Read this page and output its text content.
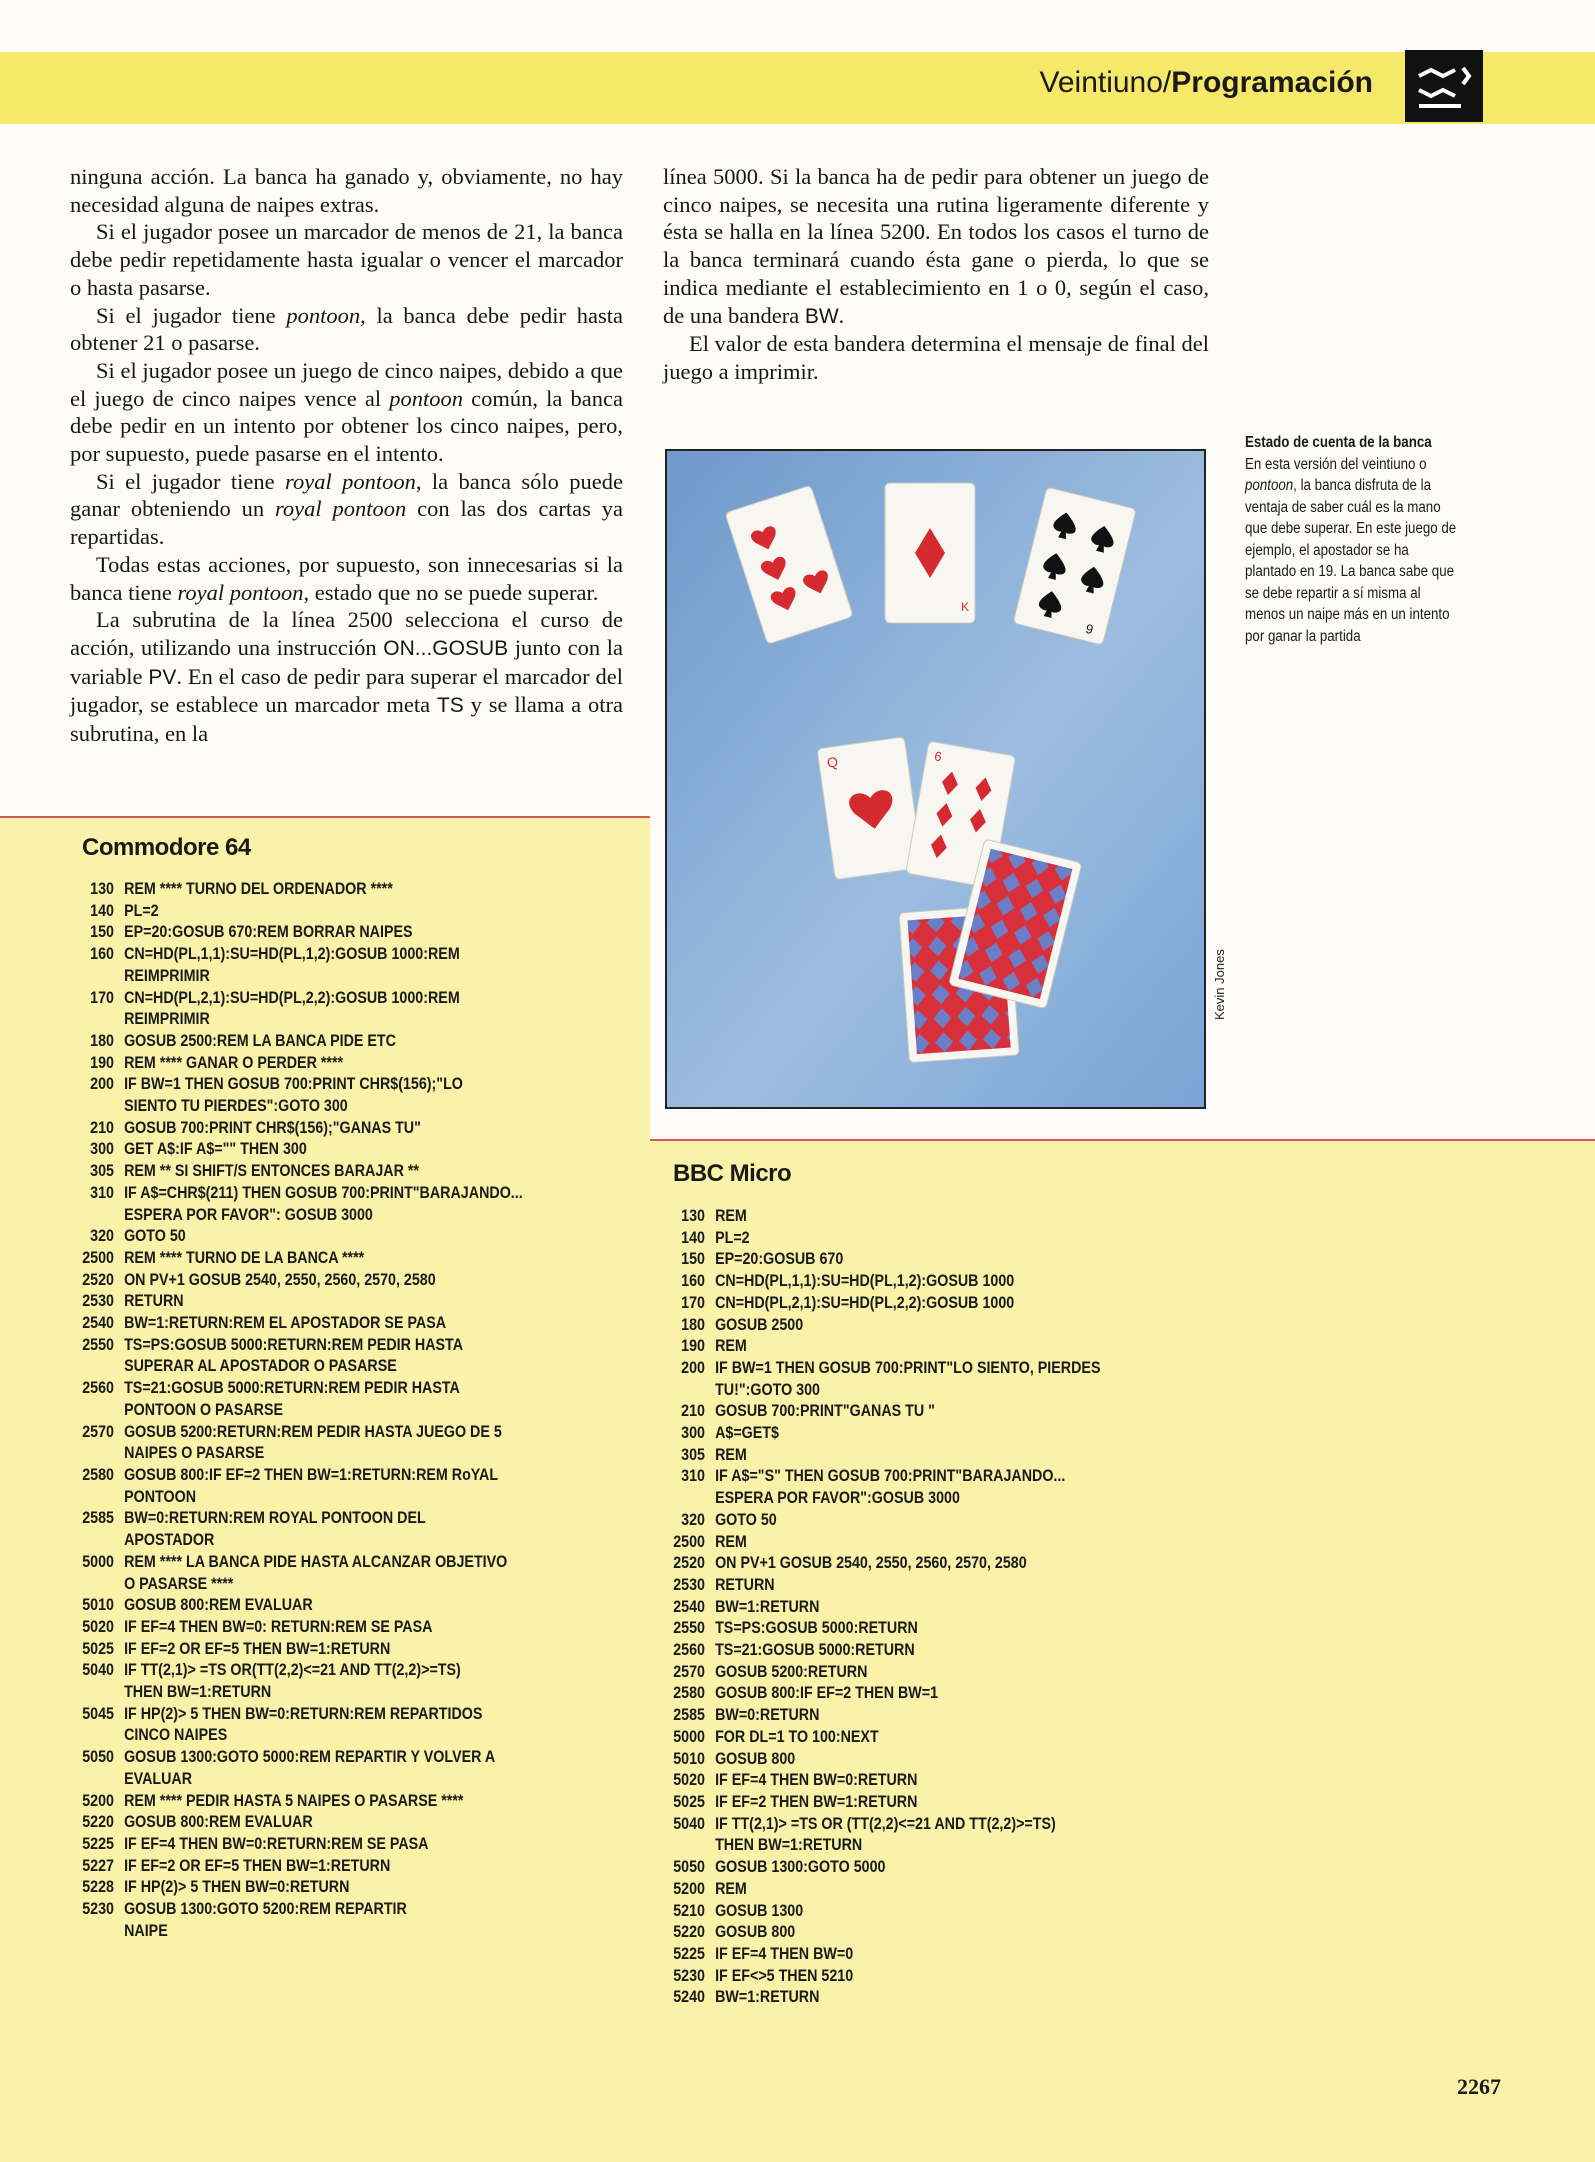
Veintiuno/Programación

ninguna acción. La banca ha ganado y, obviamente, no hay necesidad alguna de naipes extras.

Si el jugador posee un marcador de menos de 21, la banca debe pedir repetidamente hasta igualar o vencer el marcador o hasta pasarse.

Si el jugador tiene pontoon, la banca debe pedir hasta obtener 21 o pasarse.

Si el jugador posee un juego de cinco naipes, debido a que el juego de cinco naipes vence al pontoon común, la banca debe pedir en un intento por obtener los cinco naipes, pero, por supuesto, puede pasarse en el intento.

Si el jugador tiene royal pontoon, la banca sólo puede ganar obteniendo un royal pontoon con las dos cartas ya repartidas.

Todas estas acciones, por supuesto, son innecesarias si la banca tiene royal pontoon, estado que no se puede superar.

La subrutina de la línea 2500 selecciona el curso de acción, utilizando una instrucción ON...GOSUB junto con la variable PV. En el caso de pedir para superar el marcador del jugador, se establece un marcador meta TS y se llama a otra subrutina, en la

línea 5000. Si la banca ha de pedir para obtener un juego de cinco naipes, se necesita una rutina ligeramente diferente y ésta se halla en la línea 5200. En todos los casos el turno de la banca terminará cuando ésta gane o pierda, lo que se indica mediante el establecimiento en 1 o 0, según el caso, de una bandera BW.

El valor de esta bandera determina el mensaje de final del juego a imprimir.

Estado de cuenta de la banca
En esta versión del veintiuno o pontoon, la banca disfruta de la ventaja de saber cuál es la mano que debe superar. En este juego de ejemplo, el apostador se ha plantado en 19. La banca sabe que se debe repartir a sí misma al menos un naipe más en un intento por ganar la partida
K
9
Q	6
Kevin Jones
Commodore 64
130 REM **** TURNO DEL ORDENADOR ****
140 PL=2
150 EP=20:GOSUB 670:REM BORRAR NAIPES
160 CN=HD(PL,1,1):SU=HD(PL,1,2):GOSUB 1000:REM
REIMPRIMIR
170 CN=HD(PL,2,1):SU=HD(PL,2,2):GOSUB 1000:REM
REIMPRIMIR
180 GOSUB 2500:REM LA BANCA PIDE ETC
190 REM **** GANAR O PERDER ****
200 IF BW=1 THEN GOSUB 700:PRINT CHR$(156);"LO
SIENTO TU PIERDES":GOTO 300
210 GOSUB 700:PRINT CHR$(156);"GANAS TU"
300 GET A$:IF A$="" THEN 300
305 REM ** SI SHIFT/S ENTONCES BARAJAR **
310 IF A$=CHR$(211) THEN GOSUB 700:PRINT"BARAJANDO...
ESPERA POR FAVOR": GOSUB 3000
320 GOTO 50
2500 REM **** TURNO DE LA BANCA ****
2520 ON PV+1 GOSUB 2540, 2550, 2560, 2570, 2580
2530 RETURN
2540 BW=1:RETURN:REM EL APOSTADOR SE PASA
2550 TS=PS:GOSUB 5000:RETURN:REM PEDIR HASTA
SUPERAR AL APOSTADOR O PASARSE
2560 TS=21:GOSUB 5000:RETURN:REM PEDIR HASTA
PONTOON O PASARSE
2570 GOSUB 5200:RETURN:REM PEDIR HASTA JUEGO DE 5
NAIPES O PASARSE
2580 GOSUB 800:IF EF=2 THEN BW=1:RETURN:REM RoYAL
PONTOON
2585 BW=0:RETURN:REM ROYAL PONTOON DEL
APOSTADOR
5000 REM **** LA BANCA PIDE HASTA ALCANZAR OBJETIVO
O PASARSE ****
5010 GOSUB 800:REM EVALUAR
5020 IF EF=4 THEN BW=0: RETURN:REM SE PASA
5025 IF EF=2 OR EF=5 THEN BW=1:RETURN
5040 IF TT(2,1)> =TS OR(TT(2,2)<=21 AND TT(2,2)>=TS)
THEN BW=1:RETURN
5045 IF HP(2)> 5 THEN BW=0:RETURN:REM REPARTIDOS
CINCO NAIPES
5050 GOSUB 1300:GOTO 5000:REM REPARTIR Y VOLVER A
EVALUAR
5200 REM **** PEDIR HASTA 5 NAIPES O PASARSE ****
5220 GOSUB 800:REM EVALUAR
5225 IF EF=4 THEN BW=0:RETURN:REM SE PASA
5227 IF EF=2 OR EF=5 THEN BW=1:RETURN
5228 IF HP(2)> 5 THEN BW=0:RETURN
5230 GOSUB 1300:GOTO 5200:REM REPARTIR
NAIPE
BBC Micro
130 REM
140 PL=2
150 EP=20:GOSUB 670
160 CN=HD(PL,1,1):SU=HD(PL,1,2):GOSUB 1000
170 CN=HD(PL,2,1):SU=HD(PL,2,2):GOSUB 1000
180 GOSUB 2500
190 REM
200 IF BW=1 THEN GOSUB 700:PRINT"LO SIENTO, PIERDES
TU!":GOTO 300
210 GOSUB 700:PRINT"GANAS TU "
300 A$=GET$
305 REM
310 IF A$="S" THEN GOSUB 700:PRINT"BARAJANDO...
ESPERA POR FAVOR":GOSUB 3000
320 GOTO 50
2500 REM
2520 ON PV+1 GOSUB 2540, 2550, 2560, 2570, 2580
2530 RETURN
2540 BW=1:RETURN
2550 TS=PS:GOSUB 5000:RETURN
2560 TS=21:GOSUB 5000:RETURN
2570 GOSUB 5200:RETURN
2580 GOSUB 800:IF EF=2 THEN BW=1
2585 BW=0:RETURN
5000 FOR DL=1 TO 100:NEXT
5010 GOSUB 800
5020 IF EF=4 THEN BW=0:RETURN
5025 IF EF=2 THEN BW=1:RETURN
5040 IF TT(2,1)> =TS OR (TT(2,2)<=21 AND TT(2,2)>=TS)
THEN BW=1:RETURN
5050 GOSUB 1300:GOTO 5000
5200 REM
5210 GOSUB 1300
5220 GOSUB 800
5225 IF EF=4 THEN BW=0
5230 IF EF<>5 THEN 5210
5240 BW=1:RETURN
2267
